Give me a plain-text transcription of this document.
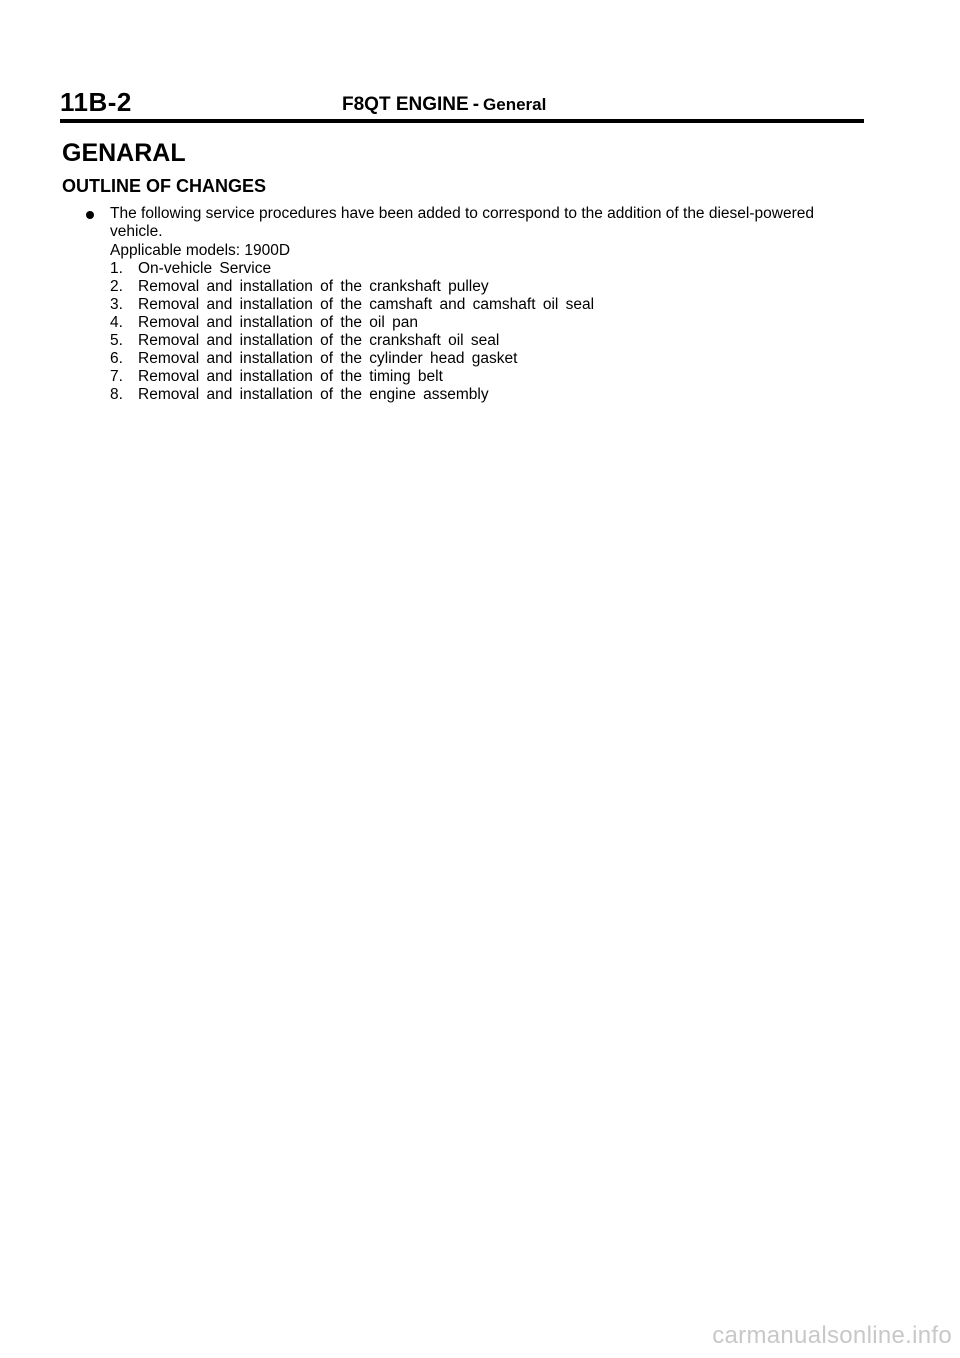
11B-2	F8QT ENGINE - General
GENARAL
OUTLINE OF CHANGES
The following service procedures have been added to correspond to the addition of the diesel-powered vehicle.
Applicable models: 1900D
1. On-vehicle Service
2. Removal and installation of the crankshaft pulley
3. Removal and installation of the camshaft and camshaft oil seal
4. Removal and installation of the oil pan
5. Removal and installation of the crankshaft oil seal
6. Removal and installation of the cylinder head gasket
7. Removal and installation of the timing belt
8. Removal and installation of the engine assembly
carmanualsonline.info
